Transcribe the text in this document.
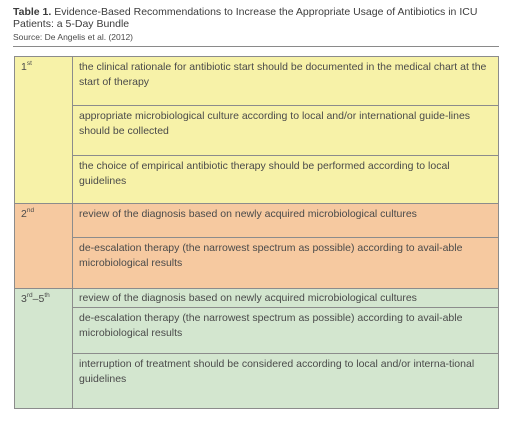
Table 1. Evidence-Based Recommendations to Increase the Appropriate Usage of Antibiotics in ICU Patients: a 5-Day Bundle
Source: De Angelis et al. (2012)
1st	the clinical rationale for antibiotic start should be documented in the medical chart at the start of therapy
	appropriate microbiological culture according to local and/or international guide-lines should be collected
	the choice of empirical antibiotic therapy should be performed according to local guidelines
2nd	review of the diagnosis based on newly acquired microbiological cultures
	de-escalation therapy (the narrowest spectrum as possible) according to avail-able microbiological results
3rd–5th	review of the diagnosis based on newly acquired microbiological cultures
	de-escalation therapy (the narrowest spectrum as possible) according to avail-able microbiological results
	interruption of treatment should be considered according to local and/or interna-tional guidelines
